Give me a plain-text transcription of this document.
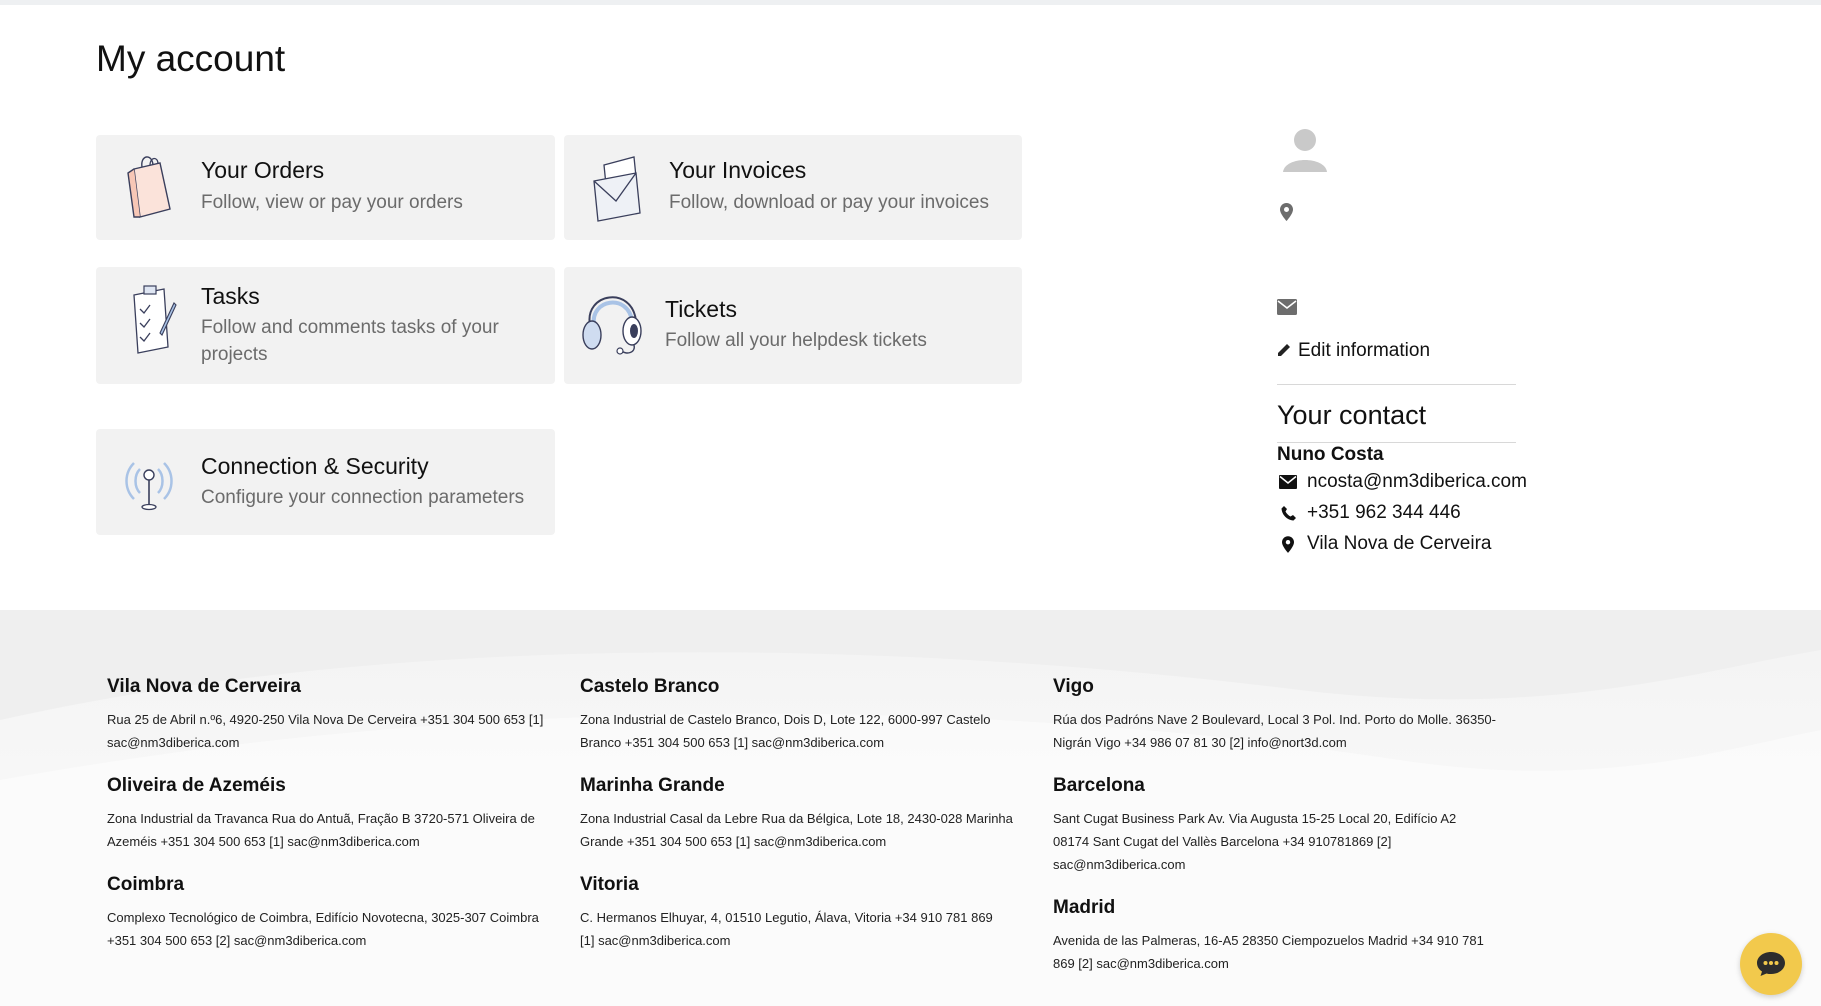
My account
Your Orders
Follow, view or pay your orders
Your Invoices
Follow, download or pay your invoices
Tasks
Follow and comments tasks of your projects
Tickets
Follow all your helpdesk tickets
Connection & Security
Configure your connection parameters
Edit information
Your contact
Nuno Costa
ncosta@nm3diberica.com
+351 962 344 446
Vila Nova de Cerveira
Vila Nova de Cerveira
Rua 25 de Abril n.º6, 4920-250 Vila Nova De Cerveira +351 304 500 653 [1] sac@nm3diberica.com
Castelo Branco
Zona Industrial de Castelo Branco, Dois D, Lote 122, 6000-997 Castelo Branco +351 304 500 653 [1] sac@nm3diberica.com
Vigo
Rúa dos Padróns Nave 2 Boulevard, Local 3 Pol. Ind. Porto do Molle. 36350-Nigrán Vigo +34 986 07 81 30 [2] info@nort3d.com
Oliveira de Azeméis
Zona Industrial da Travanca Rua do Antuã, Fração B 3720-571 Oliveira de Azeméis +351 304 500 653 [1] sac@nm3diberica.com
Marinha Grande
Zona Industrial Casal da Lebre Rua da Bélgica, Lote 18, 2430-028 Marinha Grande +351 304 500 653 [1] sac@nm3diberica.com
Barcelona
Sant Cugat Business Park Av. Via Augusta 15-25 Local 20, Edifício A2 08174 Sant Cugat del Vallès Barcelona +34 910781869 [2] sac@nm3diberica.com
Coimbra
Complexo Tecnológico de Coimbra, Edifício Novotecna, 3025-307 Coimbra +351 304 500 653 [2] sac@nm3diberica.com
Vitoria
C. Hermanos Elhuyar, 4, 01510 Legutio, Álava, Vitoria +34 910 781 869 [1] sac@nm3diberica.com
Madrid
Avenida de las Palmeras, 16-A5 28350 Ciempozuelos Madrid +34 910 781 869 [2] sac@nm3diberica.com
